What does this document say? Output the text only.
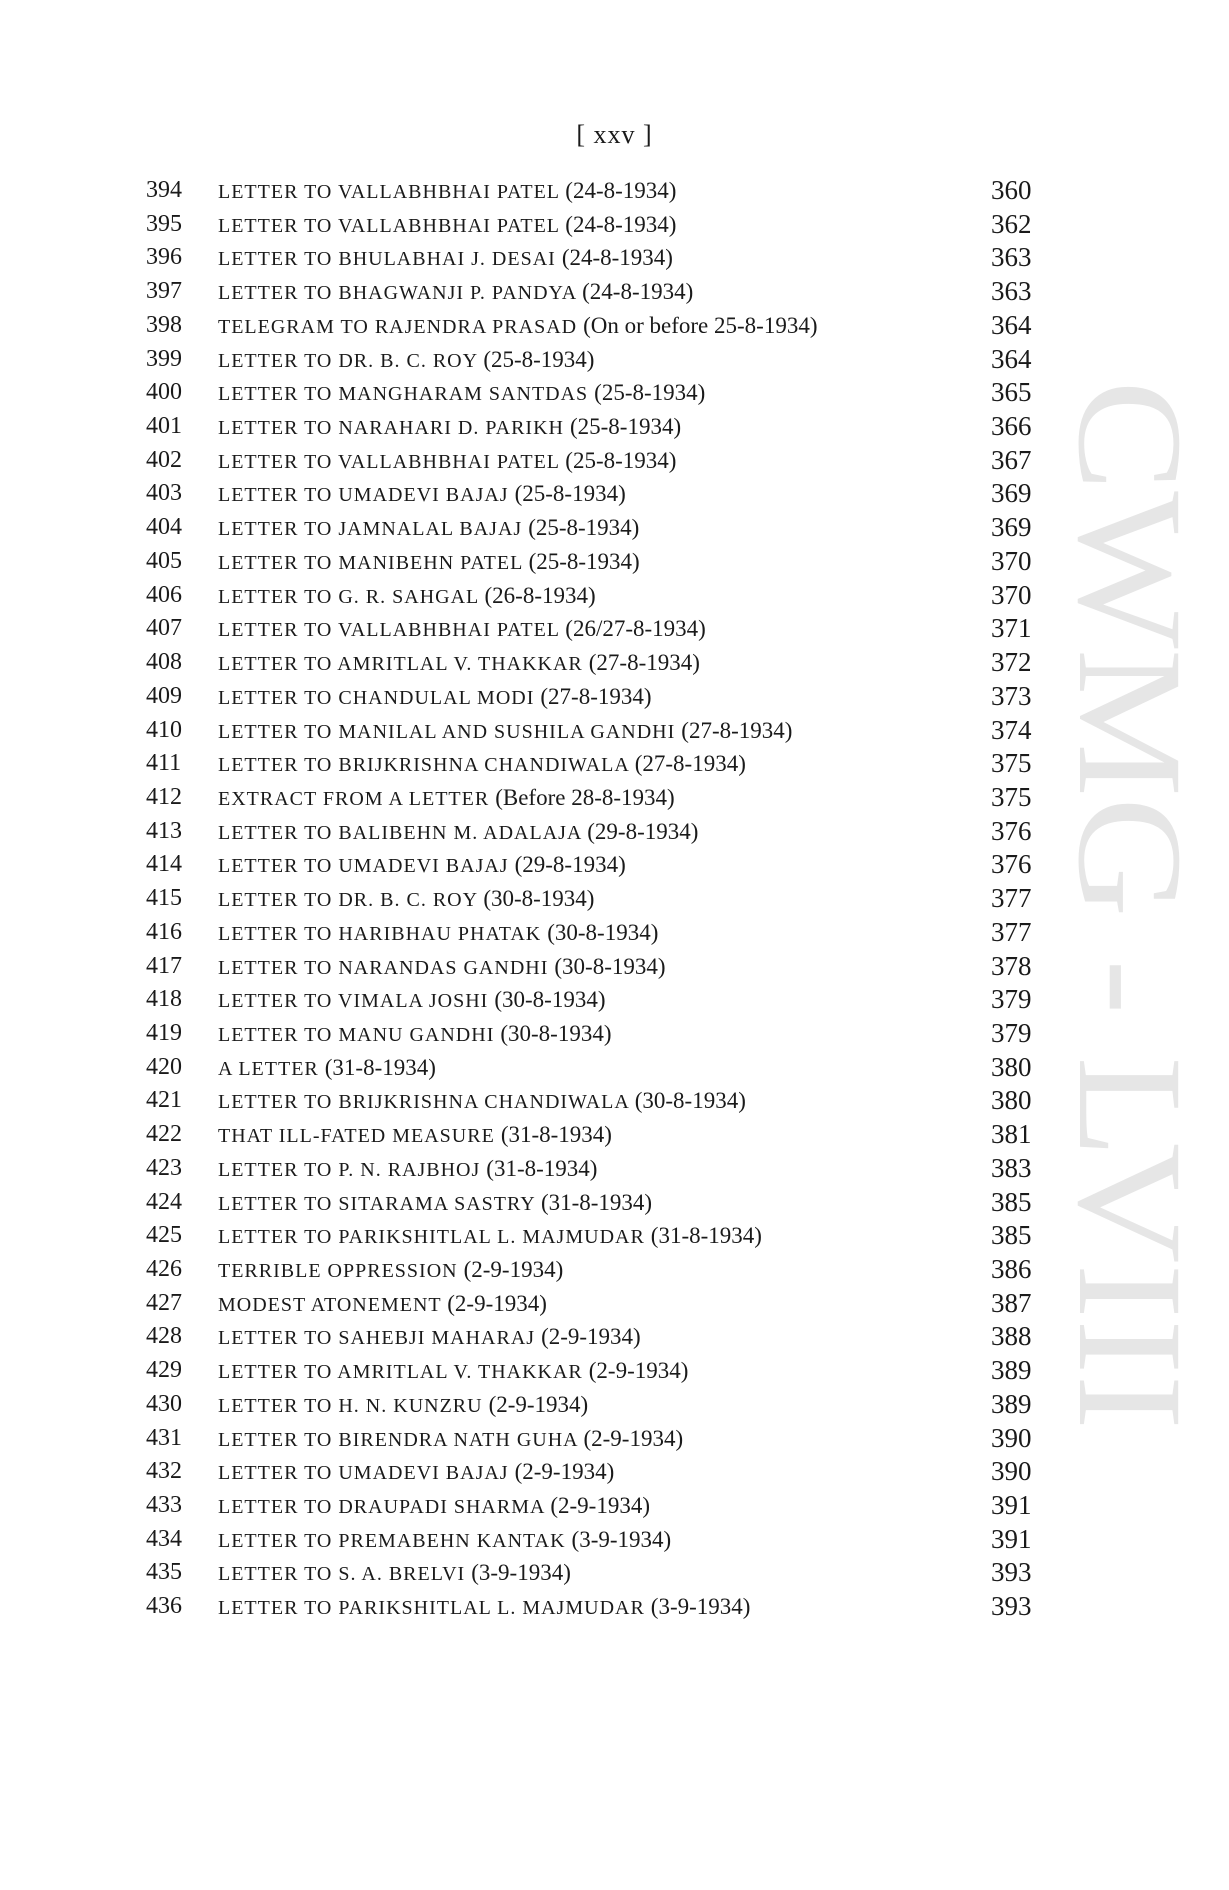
[ xxv ]
CWMG - LVIII
394 LETTER TO VALLABHBHAI PATEL (24-8-1934)	360
395 LETTER TO VALLABHBHAI PATEL (24-8-1934)	362
396 LETTER TO BHULABHAI J. DESAI (24-8-1934)	363
397 LETTER TO BHAGWANJI P. PANDYA (24-8-1934)	363
398 TELEGRAM TO RAJENDRA PRASAD (On or before 25-8-1934)	364
399 LETTER TO DR. B. C. ROY (25-8-1934)	364
400 LETTER TO MANGHARAM SANTDAS (25-8-1934)	365
401 LETTER TO NARAHARI D. PARIKH (25-8-1934)	366
402 LETTER TO VALLABHBHAI PATEL (25-8-1934)	367
403 LETTER TO UMADEVI BAJAJ (25-8-1934)	369
404 LETTER TO JAMNALAL BAJAJ (25-8-1934)	369
405 LETTER TO MANIBEHN PATEL (25-8-1934)	370
406 LETTER TO G. R. SAHGAL (26-8-1934)	370
407 LETTER TO VALLABHBHAI PATEL (26/27-8-1934)	371
408 LETTER TO AMRITLAL V. THAKKAR (27-8-1934)	372
409 LETTER TO CHANDULAL MODI (27-8-1934)	373
410 LETTER TO MANILAL AND SUSHILA GANDHI (27-8-1934)	374
411 LETTER TO BRIJKRISHNA CHANDIWALA (27-8-1934)	375
412 EXTRACT FROM A LETTER (Before 28-8-1934)	375
413 LETTER TO BALIBEHN M. ADALAJA (29-8-1934)	376
414 LETTER TO UMADEVI BAJAJ (29-8-1934)	376
415 LETTER TO DR. B. C. ROY (30-8-1934)	377
416 LETTER TO HARIBHAU PHATAK (30-8-1934)	377
417 LETTER TO NARANDAS GANDHI (30-8-1934)	378
418 LETTER TO VIMALA JOSHI (30-8-1934)	379
419 LETTER TO MANU GANDHI (30-8-1934)	379
420 A LETTER (31-8-1934)	380
421 LETTER TO BRIJKRISHNA CHANDIWALA (30-8-1934)	380
422 THAT ILL-FATED MEASURE (31-8-1934)	381
423 LETTER TO P. N. RAJBHOJ (31-8-1934)	383
424 LETTER TO SITARAMA SASTRY (31-8-1934)	385
425 LETTER TO PARIKSHITLAL L. MAJMUDAR (31-8-1934)	385
426 TERRIBLE OPPRESSION (2-9-1934)	386
427 MODEST ATONEMENT (2-9-1934)	387
428 LETTER TO SAHEBJI MAHARAJ (2-9-1934)	388
429 LETTER TO AMRITLAL V. THAKKAR (2-9-1934)	389
430 LETTER TO H. N. KUNZRU (2-9-1934)	389
431 LETTER TO BIRENDRA NATH GUHA (2-9-1934)	390
432 LETTER TO UMADEVI BAJAJ (2-9-1934)	390
433 LETTER TO DRAUPADI SHARMA (2-9-1934)	391
434 LETTER TO PREMABEHN KANTAK (3-9-1934)	391
435 LETTER TO S. A. BRELVI (3-9-1934)	393
436 LETTER TO PARIKSHITLAL L. MAJMUDAR (3-9-1934)	393
